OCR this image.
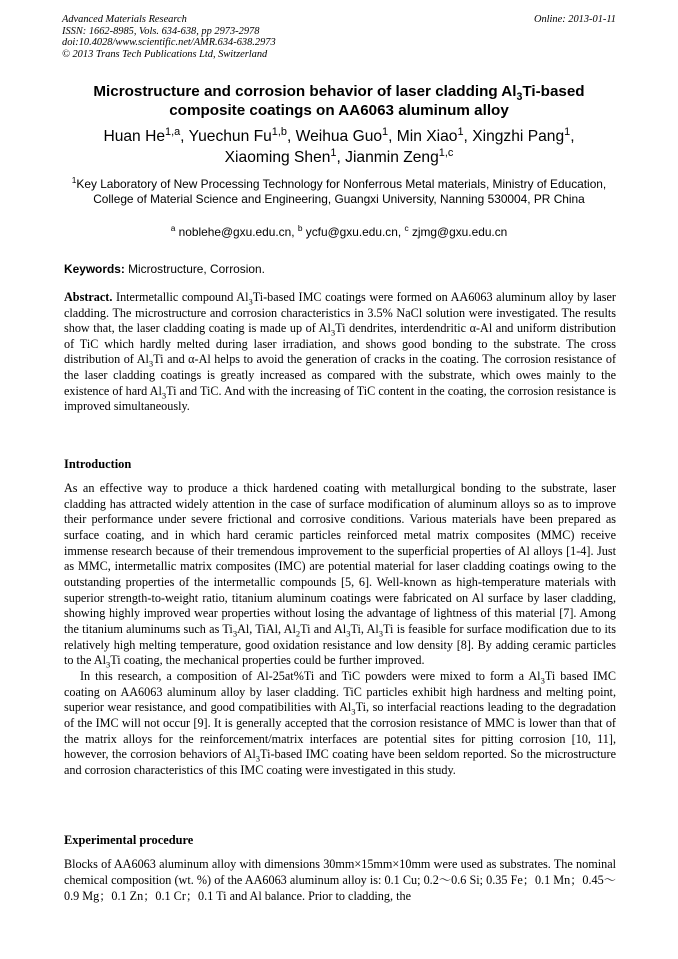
Advanced Materials Research
ISSN: 1662-8985, Vols. 634-638, pp 2973-2978
doi:10.4028/www.scientific.net/AMR.634-638.2973
© 2013 Trans Tech Publications Ltd, Switzerland
Online: 2013-01-11
Microstructure and corrosion behavior of laser cladding $Al_3Ti$-based
composite coatings on AA6063 aluminum alloy
Huan He$^{1,a}$, Yuechun Fu$^{1,b}$, Weihua Guo$^1$, Min Xiao$^1$, Xingzhi Pang$^1$,
Xiaoming Shen$^1$, Jianmin Zeng$^{1,c}$
$^1$Key Laboratory of New Processing Technology for Nonferrous Metal materials, Ministry of Education, College of Material Science and Engineering, Guangxi University, Nanning 530004, PR China
$^a$ noblehe@gxu.edu.cn, $^b$ ycfu@gxu.edu.cn, $^c$ zjmg@gxu.edu.cn
Keywords: Microstructure, Corrosion.
Abstract. Intermetallic compound $Al_3Ti$-based IMC coatings were formed on AA6063 aluminum alloy by laser cladding. The microstructure and corrosion characteristics in 3.5% NaCl solution were investigated. The results show that, the laser cladding coating is made up of $Al_3Ti$ dendrites, interdendritic α-Al and uniform distribution of TiC which hardly melted during laser irradiation, and shows good bonding to the substrate. The cross distribution of $Al_3Ti$ and α-Al helps to avoid the generation of cracks in the coating. The corrosion resistance of the laser cladding coatings is greatly increased as compared with the substrate, which owes mainly to the existence of hard $Al_3Ti$ and TiC. And with the increasing of TiC content in the coating, the corrosion resistance is improved simultaneously.
Introduction

As an effective way to produce a thick hardened coating with metallurgical bonding to the substrate, laser cladding has attracted widely attention in the case of surface modification of aluminum alloys so as to improve their performance under severe frictional and corrosive conditions. Various materials have been prepared as surface coating, and in which hard ceramic particles reinforced metal matrix composites (MMC) receive immense research because of their tremendous improvement to the superficial properties of Al alloys [1-4]. Just as MMC, intermetallic matrix composites (IMC) are potential material for laser cladding coatings owing to the outstanding properties of the intermetallic compounds [5, 6]. Well-known as high-temperature materials with superior strength-to-weight ratio, titanium aluminum coatings were fabricated on Al surface by laser cladding, showing highly improved wear properties without losing the advantage of lightness of this material [7]. Among the titanium aluminums such as $Ti_3Al$, TiAl, $Al_2Ti$ and $Al_3Ti$, $Al_3Ti$ is feasible for surface modification due to its relatively high melting temperature, good oxidation resistance and low density [8]. By adding ceramic particles to the $Al_3Ti$ coating, the mechanical properties could be further improved.

In this research, a composition of Al-25at%Ti and TiC powders were mixed to form a $Al_3Ti$ based IMC coating on AA6063 aluminum alloy by laser cladding. TiC particles exhibit high hardness and melting point, superior wear resistance, and good compatibilities with $Al_3Ti$, so interfacial reactions leading to the degradation of the IMC will not occur [9]. It is generally accepted that the corrosion resistance of MMC is lower than that of the matrix alloys for the reinforcement/matrix interfaces are potential sites for pitting corrosion [10, 11], however, the corrosion behaviors of $Al_3Ti$-based IMC coating have been seldom reported. So the microstructure and corrosion characteristics of this IMC coating were investigated in this study.

Experimental procedure
Blocks of AA6063 aluminum alloy with dimensions 30mm×15mm×10mm were used as substrates. The nominal chemical composition (wt. %) of the AA6063 aluminum alloy is: 0.1 Cu; 0.2～0.6 Si; 0.35 Fe；0.1 Mn；0.45～0.9 Mg；0.1 Zn；0.1 Cr；0.1 Ti and Al balance. Prior to cladding, the
